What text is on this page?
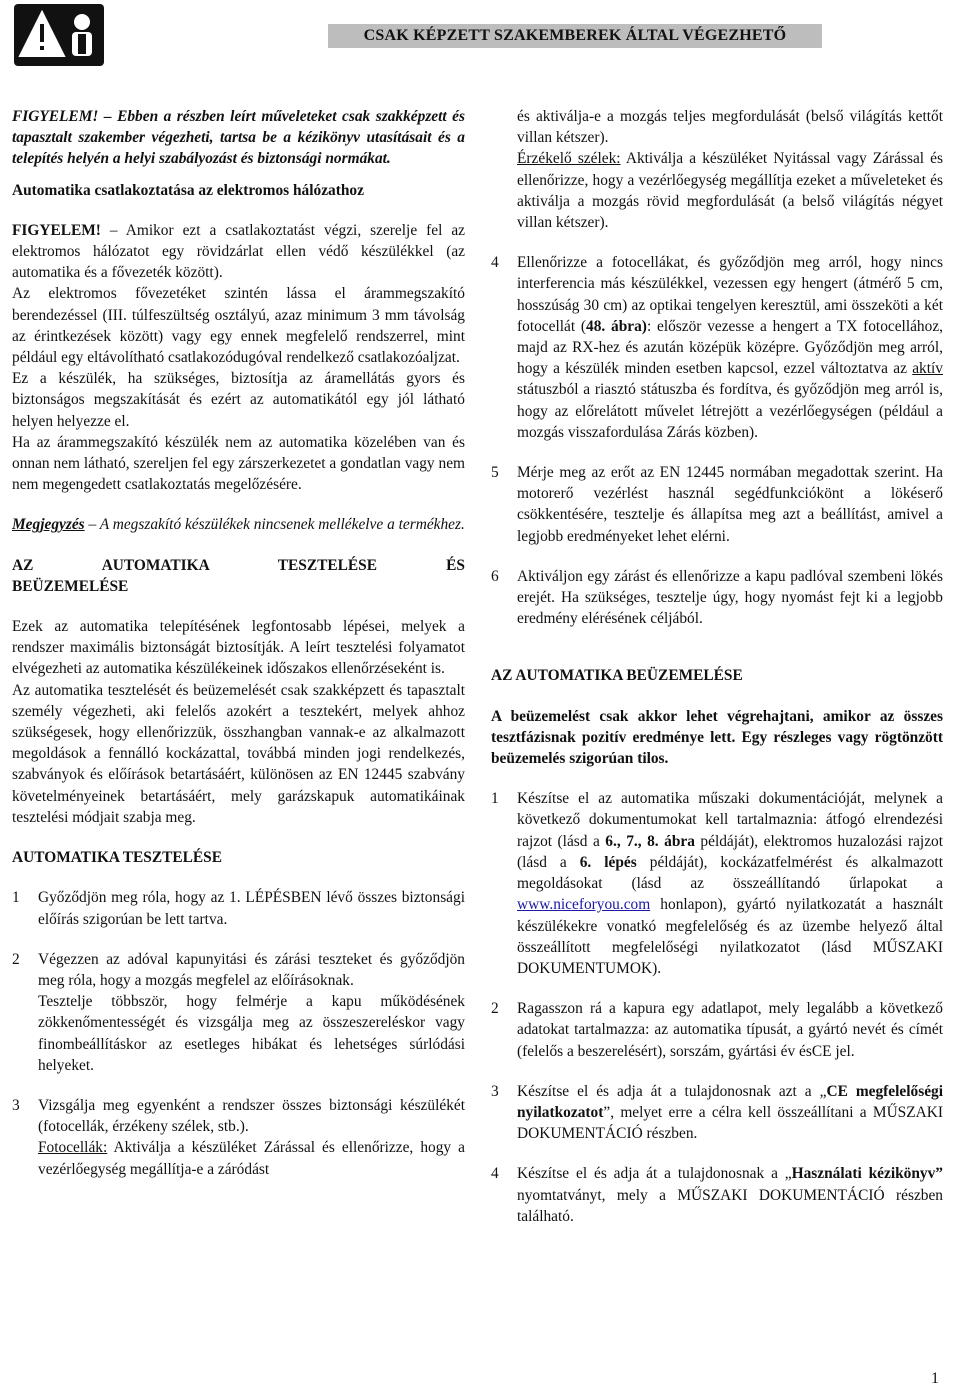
CSAK KÉPZETT SZAKEMBEREK ÁLTAL VÉGEZHETŐ

FIGYELEM! – Ebben a részben leírt műveleteket csak szakképzett és tapasztalt szakember végezheti, tartsa be a kézikönyv utasításait és a telepítés helyén a helyi szabályozást és biztonsági normákat.

Automatika csatlakoztatása az elektromos hálózathoz

FIGYELEM! – Amikor ezt a csatlakoztatást végzi, szerelje fel az elektromos hálózatot egy rövidzárlat ellen védő készülékkel (az automatika és a fővezeték között).

Az elektromos fővezetéket szintén lássa el árammegszakító berendezéssel (III. túlfeszültség osztályú, azaz minimum 3 mm távolság az érintkezések között) vagy egy ennek megfelelő rendszerrel, mint például egy eltávolítható csatlakozódugóval rendelkező csatlakozóaljzat.

Ez a készülék, ha szükséges, biztosítja az áramellátás gyors és biztonságos megszakítását és ezért az automatikától egy jól látható helyen helyezze el.

Ha az árammegszakító készülék nem az automatika közelében van és onnan nem látható, szereljen fel egy zárszerkezetet a gondatlan vagy nem nem megengedett csatlakoztatás megelőzésére.

Megjegyzés – A megszakító készülékek nincsenek mellékelve a termékhez.

AZ AUTOMATIKA TESZTELÉSE ÉS

BEÜZEMELÉSE

Ezek az automatika telepítésének legfontosabb lépései, melyek a rendszer maximális biztonságát biztosítják. A leírt tesztelési folyamatot elvégezheti az automatika készülékeinek időszakos ellenőrzéseként is.

Az automatika tesztelését és beüzemelését csak szakképzett és tapasztalt személy végezheti, aki felelős azokért a tesztekért, melyek ahhoz szükségesek, hogy ellenőrizzük, összhangban vannak-e az alkalmazott megoldások a fennálló kockázattal, továbbá minden jogi rendelkezés, szabványok és előírások betartásáért, különösen az EN 12445 szabvány követelményeinek betartásáért, mely garázskapuk automatikáinak tesztelési módjait szabja meg.

AUTOMATIKA TESZTELÉSE

1	Győződjön meg róla, hogy az 1. LÉPÉSBEN lévő összes biztonsági előírás szigorúan be lett tartva.
2	Végezzen az adóval kapunyitási és zárási teszteket és győződjön meg róla, hogy a mozgás megfelel az előírásoknak.
Tesztelje többször, hogy felmérje a kapu működésének zökkenőmentességét és vizsgálja meg az összeszereléskor vagy finombeállításkor az esetleges hibákat és lehetséges súrlódási helyeket.
3	Vizsgálja meg egyenként a rendszer összes biztonsági készülékét (fotocellák, érzékeny szélek, stb.).
Fotocellák: Aktiválja a készüléket Zárással és ellenőrizze, hogy a vezérlőegység megállítja-e a záródást
és aktiválja-e a mozgás teljes megfordulását (belső világítás kettőt villan kétszer).
Érzékelő szélek: Aktiválja a készüléket Nyitással vagy Zárással és ellenőrizze, hogy a vezérlőegység megállítja ezeket a műveleteket és aktiválja a mozgás rövid megfordulását (a belső világítás négyet villan kétszer).
4	Ellenőrizze a fotocellákat, és győződjön meg arról, hogy nincs interferencia más készülékkel, vezessen egy hengert (átmérő 5 cm, hosszúság 30 cm) az optikai tengelyen keresztül, ami összeköti a két fotocellát (48. ábra): először vezesse a hengert a TX fotocellához, majd az RX-hez és azután középük középre. Győződjön meg arról, hogy a készülék minden esetben kapcsol, ezzel változtatva az aktív státuszból a riasztó státuszba és fordítva, és győződjön meg arról is, hogy az előrelátott művelet létrejött a vezérlőegységen (például a mozgás visszafordulása Zárás közben).
5	Mérje meg az erőt az EN 12445 normában megadottak szerint. Ha motorerő vezérlést használ segédfunkciókönt a lökéserő csökkentésére, tesztelje és állapítsa meg azt a beállítást, amivel a legjobb eredményeket lehet elérni.
6	Aktiváljon egy zárást és ellenőrizze a kapu padlóval szembeni lökés erejét. Ha szükséges, tesztelje úgy, hogy nyomást fejt ki a legjobb eredmény elérésének céljából.

AZ AUTOMATIKA BEÜZEMELÉSE

A beüzemelést csak akkor lehet végrehajtani, amikor az összes tesztfázisnak pozitív eredménye lett. Egy részleges vagy rögtönzött beüzemelés szigorúan tilos.

1	Készítse el az automatika műszaki dokumentációját, melynek a következő dokumentumokat kell tartalmaznia: átfogó elrendezési rajzot (lásd a 6., 7., 8. ábra példáját), elektromos huzalozási rajzot (lásd a 6. lépés példáját), kockázatfelmérést és alkalmazott megoldásokat (lásd az összeállítandó űrlapokat a www.niceforyou.com honlapon), gyártó nyilatkozatát a használt készülékekre vonatkó megfelelőség és az üzembe helyező által összeállított megfelelőségi nyilatkozatot (lásd MŰSZAKI DOKUMENTUMOK).
2	Ragasszon rá a kapura egy adatlapot, mely legalább a következő adatokat tartalmazza: az automatika típusát, a gyártó nevét és címét (felelős a beszerelésért), sorszám, gyártási év ésCE jel.
3	Készítse el és adja át a tulajdonosnak azt a „CE megfelelőségi nyilatkozatot”, melyet erre a célra kell összeállítani a MŰSZAKI DOKUMENTÁCIÓ részben.
4	Készítse el és adja át a tulajdonosnak a „Használati kézikönyv” nyomtatványt, mely a MŰSZAKI DOKUMENTÁCIÓ részben található.
1
